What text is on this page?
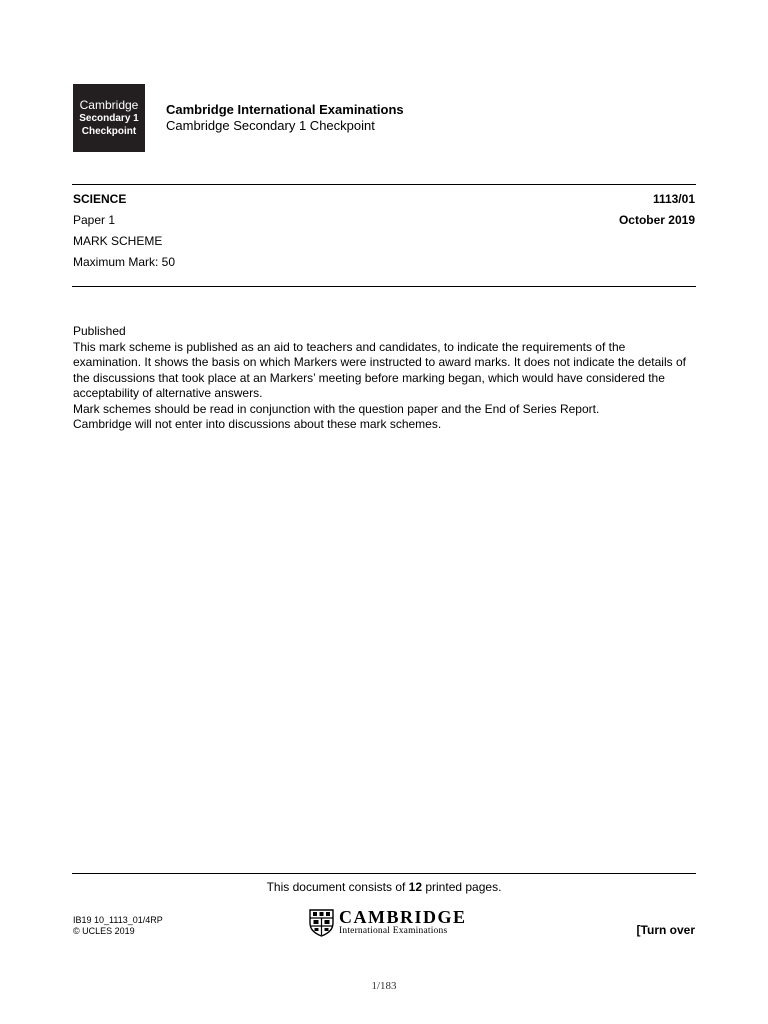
Cambridge
Secondary 1
Checkpoint
Cambridge International Examinations
Cambridge Secondary 1 Checkpoint
SCIENCE	1113/01
Paper 1	October 2019
MARK SCHEME
Maximum Mark: 50

Published

This mark scheme is published as an aid to teachers and candidates, to indicate the requirements of the examination. It shows the basis on which Markers were instructed to award marks. It does not indicate the details of the discussions that took place at an Markers’ meeting before marking began, which would have considered the acceptability of alternative answers.

Mark schemes should be read in conjunction with the question paper and the End of Series Report.

Cambridge will not enter into discussions about these mark schemes.

This document consists of 12 printed pages.
IB19 10_1113_01/4RP
© UCLES 2019
CAMBRIDGE
International Examinations	[Turn over
1/183
